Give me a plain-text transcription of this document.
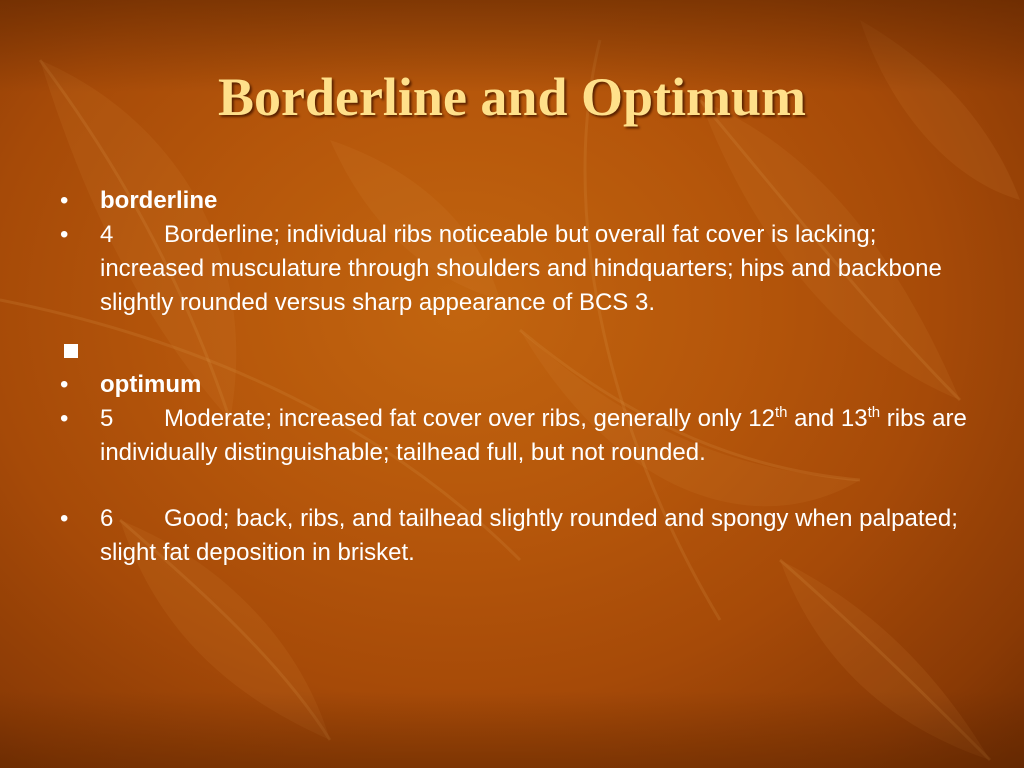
Borderline and Optimum
• borderline
• 4 Borderline; individual ribs noticeable but overall fat cover is lacking; increased musculature through shoulders and hindquarters; hips and backbone slightly rounded versus sharp appearance of BCS 3.

• optimum
• 5 Moderate; increased fat cover over ribs, generally only 12th and 13th ribs are individually distinguishable; tailhead full, but not rounded.
• 6 Good; back, ribs, and tailhead slightly rounded and spongy when palpated; slight fat deposition in brisket.
